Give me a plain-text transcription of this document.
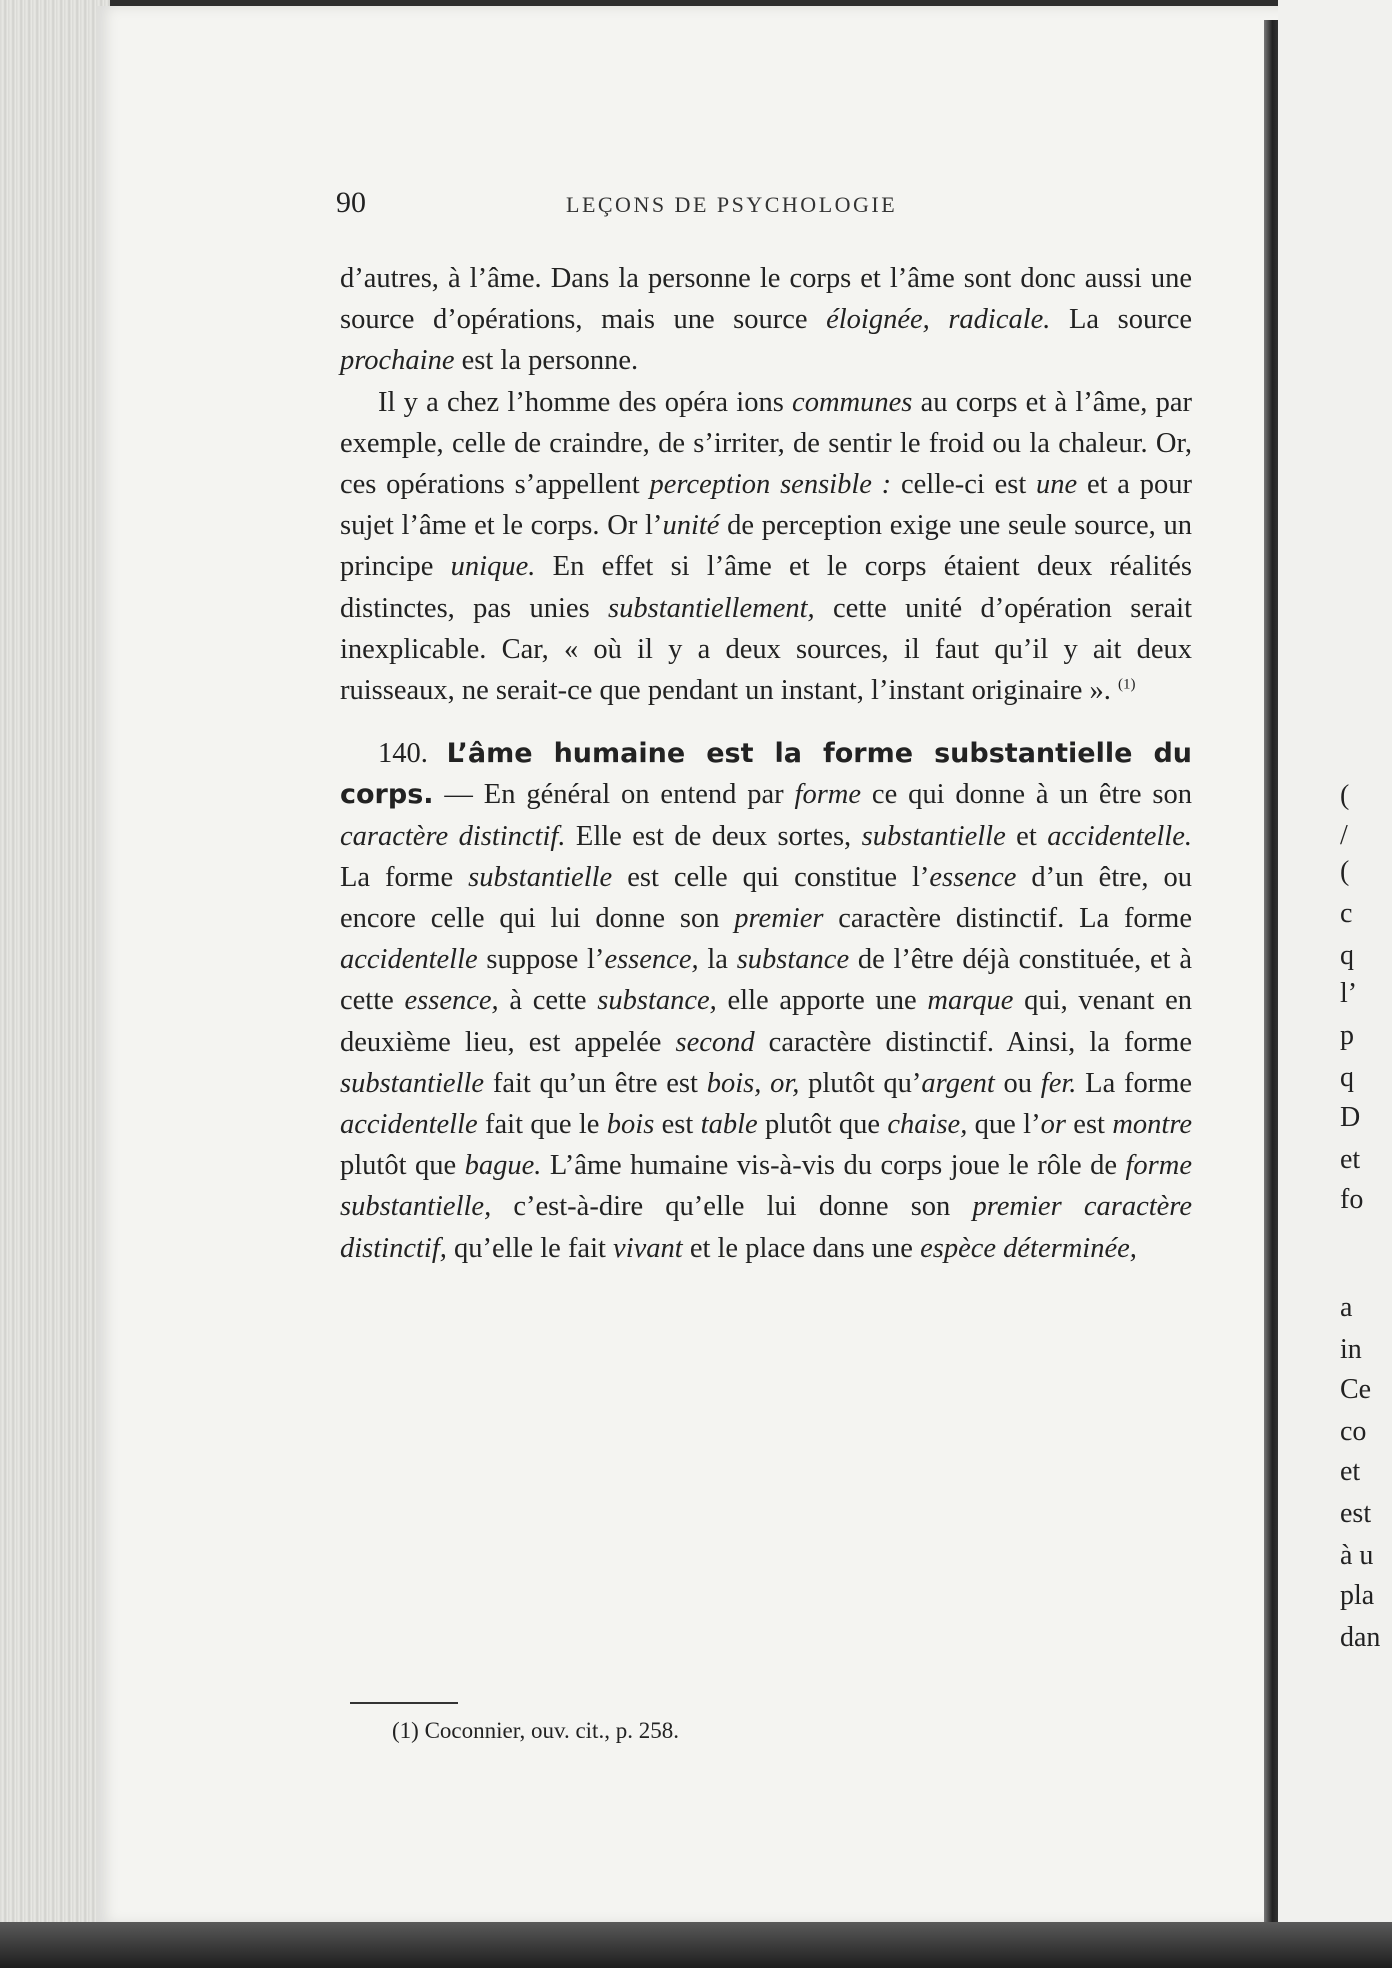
90	LEÇONS DE PSYCHOLOGIE

d’autres, à l’âme. Dans la personne le corps et l’âme sont donc aussi une source d’opérations, mais une source éloignée, radicale. La source prochaine est la personne.

Il y a chez l’homme des opéra ions communes au corps et à l’âme, par exemple, celle de craindre, de s’irriter, de sentir le froid ou la chaleur. Or, ces opérations s’appellent perception sensible : celle-ci est une et a pour sujet l’âme et le corps. Or l’unité de perception exige une seule source, un principe unique. En effet si l’âme et le corps étaient deux réalités distinctes, pas unies substantiellement, cette unité d’opération serait inexplicable. Car, « où il y a deux sources, il faut qu’il y ait deux ruisseaux, ne serait-ce que pendant un instant, l’instant originaire ». $^{(1)}$

140. L’âme humaine est la forme substantielle du corps. — En général on entend par forme ce qui donne à un être son caractère distinctif. Elle est de deux sortes, substantielle et accidentelle. La forme substantielle est celle qui constitue l’essence d’un être, ou encore celle qui lui donne son premier caractère distinctif. La forme accidentelle suppose l’essence, la substance de l’être déjà constituée, et à cette essence, à cette substance, elle apporte une marque qui, venant en deuxième lieu, est appelée second caractère distinctif. Ainsi, la forme substantielle fait qu’un être est bois, or, plutôt qu’argent ou fer. La forme accidentelle fait que le bois est table plutôt que chaise, que l’or est montre plutôt que bague. L’âme humaine vis-à-vis du corps joue le rôle de forme substantielle, c’est-à-dire qu’elle lui donne son premier caractère distinctif, qu’elle le fait vivant et le place dans une espèce déterminée,

(1) Coconnier, ouv. cit., p. 258.
(
/
(
c
q
l’
p
q
D
et
fo
a
in
Ce
co
et
est
à u
pla
dan
